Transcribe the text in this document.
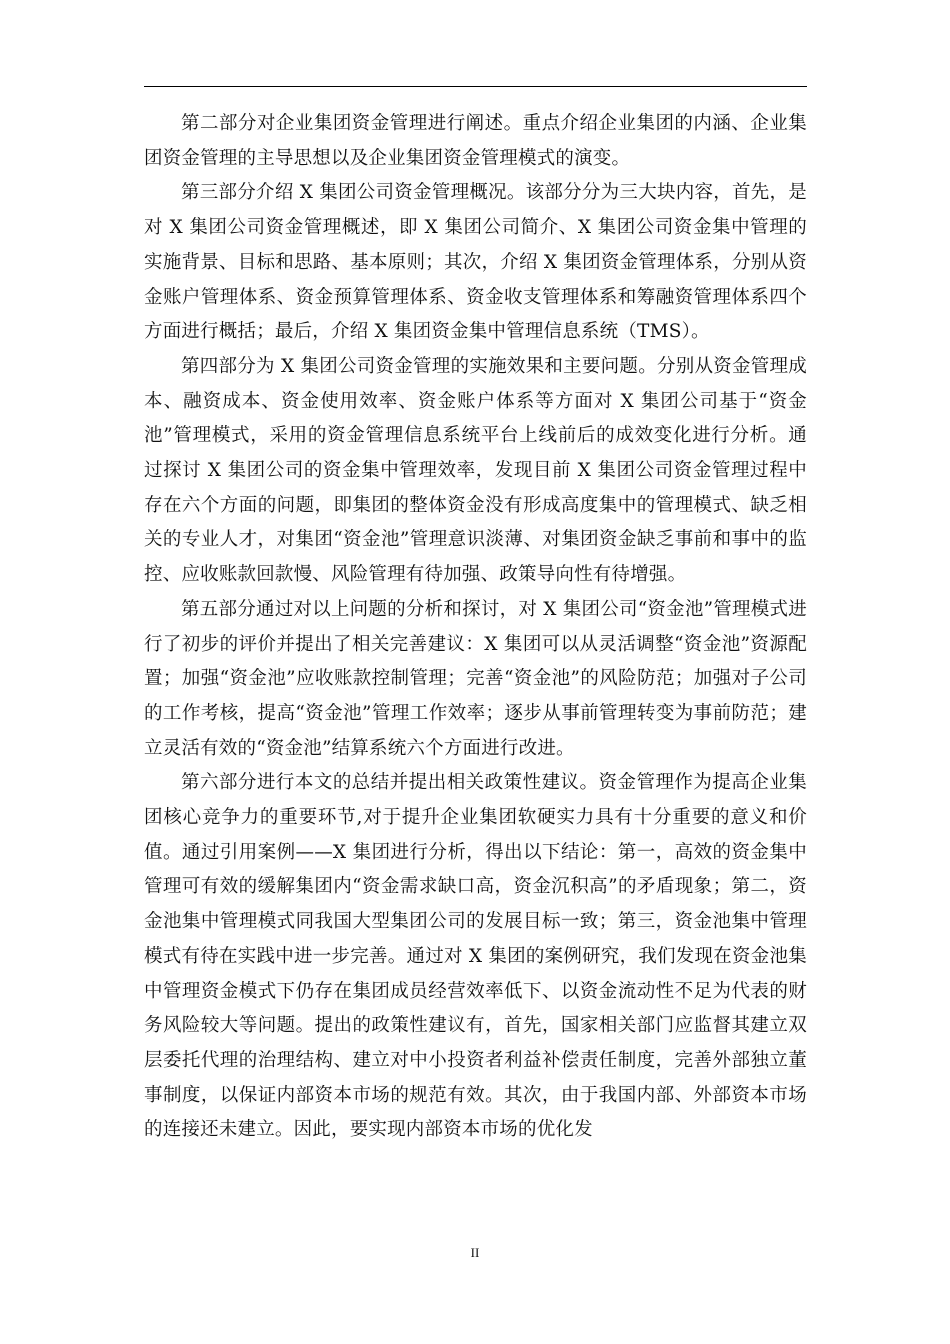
第二部分对企业集团资金管理进行阐述。重点介绍企业集团的内涵、企业集团资金管理的主导思想以及企业集团资金管理模式的演变。

第三部分介绍 X 集团公司资金管理概况。该部分分为三大块内容，首先，是对 X 集团公司资金管理概述，即 X 集团公司简介、X 集团公司资金集中管理的实施背景、目标和思路、基本原则；其次，介绍 X 集团资金管理体系，分别从资金账户管理体系、资金预算管理体系、资金收支管理体系和筹融资管理体系四个方面进行概括；最后，介绍 X 集团资金集中管理信息系统（TMS）。

第四部分为 X 集团公司资金管理的实施效果和主要问题。分别从资金管理成本、融资成本、资金使用效率、资金账户体系等方面对 X 集团公司基于“资金池”管理模式，采用的资金管理信息系统平台上线前后的成效变化进行分析。通过探讨 X 集团公司的资金集中管理效率，发现目前 X 集团公司资金管理过程中存在六个方面的问题，即集团的整体资金没有形成高度集中的管理模式、缺乏相关的专业人才，对集团“资金池”管理意识淡薄、对集团资金缺乏事前和事中的监控、应收账款回款慢、风险管理有待加强、政策导向性有待增强。

第五部分通过对以上问题的分析和探讨，对 X 集团公司“资金池”管理模式进行了初步的评价并提出了相关完善建议：X 集团可以从灵活调整“资金池”资源配置；加强“资金池”应收账款控制管理；完善“资金池”的风险防范；加强对子公司的工作考核，提高“资金池”管理工作效率；逐步从事前管理转变为事前防范；建立灵活有效的“资金池”结算系统六个方面进行改进。

第六部分进行本文的总结并提出相关政策性建议。资金管理作为提高企业集团核心竞争力的重要环节,对于提升企业集团软硬实力具有十分重要的意义和价值。通过引用案例——X 集团进行分析，得出以下结论：第一，高效的资金集中管理可有效的缓解集团内“资金需求缺口高，资金沉积高”的矛盾现象；第二，资金池集中管理模式同我国大型集团公司的发展目标一致；第三，资金池集中管理模式有待在实践中进一步完善。通过对 X 集团的案例研究，我们发现在资金池集中管理资金模式下仍存在集团成员经营效率低下、以资金流动性不足为代表的财务风险较大等问题。提出的政策性建议有，首先，国家相关部门应监督其建立双层委托代理的治理结构、建立对中小投资者利益补偿责任制度，完善外部独立董事制度，以保证内部资本市场的规范有效。其次，由于我国内部、外部资本市场的连接还未建立。因此，要实现内部资本市场的优化发

II
